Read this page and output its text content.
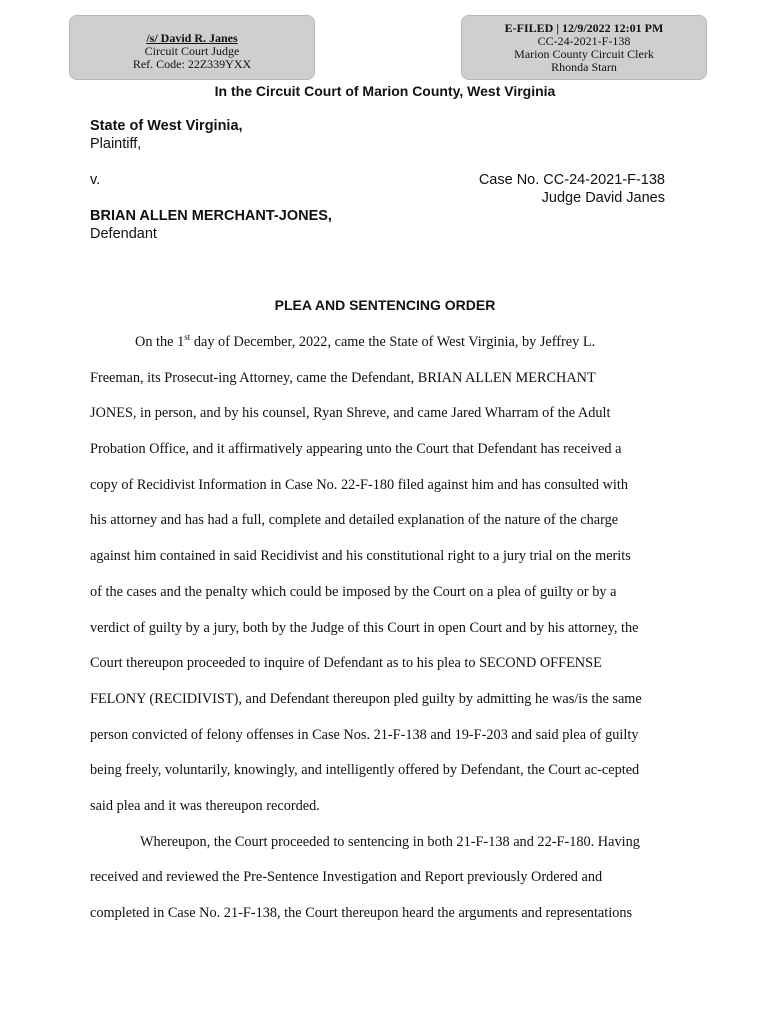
/s/ David R. Janes
Circuit Court Judge
Ref. Code: 22Z339YXX
E-FILED | 12/9/2022 12:01 PM
CC-24-2021-F-138
Marion County Circuit Clerk
Rhonda Starn
In the Circuit Court of Marion County, West Virginia
State of West Virginia,
Plaintiff,
v.	Case No. CC-24-2021-F-138
Judge David Janes
BRIAN ALLEN MERCHANT-JONES,
Defendant
PLEA AND SENTENCING ORDER
On the 1st day of December, 2022, came the State of West Virginia, by Jeffrey L.
Freeman, its Prosecut-ing Attorney, came the Defendant, BRIAN ALLEN MERCHANT
JONES, in person, and by his counsel, Ryan Shreve, and came Jared Wharram of the Adult
Probation Office, and it affirmatively appearing unto the Court that Defendant has received a
copy of Recidivist Information in Case No. 22-F-180 filed against him and has consulted with
his attorney and has had a full, complete and detailed explanation of the nature of the charge
against him contained in said Recidivist and his constitutional right to a jury trial on the merits
of the cases and the penalty which could be imposed by the Court on a plea of guilty or by a
verdict of guilty by a jury, both by the Judge of this Court in open Court and by his attorney, the
Court thereupon proceeded to inquire of Defendant as to his plea to SECOND OFFENSE
FELONY (RECIDIVIST), and Defendant thereupon pled guilty by admitting he was/is the same
person convicted of felony offenses in Case Nos. 21-F-138 and 19-F-203 and said plea of guilty
being freely, voluntarily, knowingly, and intelligently offered by Defendant, the Court ac-cepted
said plea and it was thereupon recorded.
Whereupon, the Court proceeded to sentencing in both 21-F-138 and 22-F-180. Having
received and reviewed the Pre-Sentence Investigation and Report previously Ordered and
completed in Case No. 21-F-138, the Court thereupon heard the arguments and representations
